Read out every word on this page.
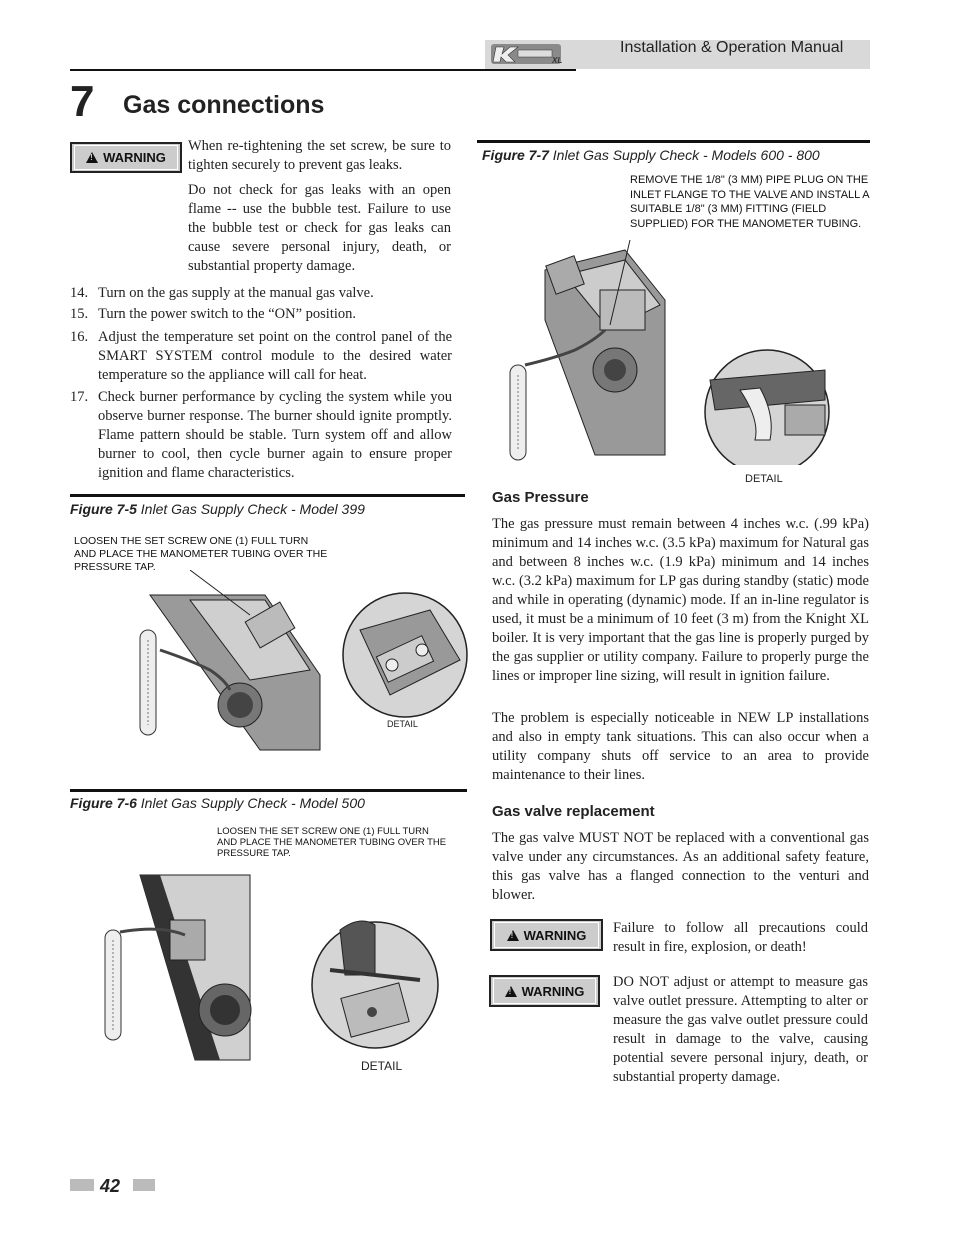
XL
Installation & Operation Manual
7 Gas connections
!
WARNING
When re-tightening the set screw, be sure to tighten securely to prevent gas leaks.
Do not check for gas leaks with an open flame -- use the bubble test. Failure to use the bubble test or check for gas leaks can cause severe personal injury, death, or substantial property damage.
14. Turn on the gas supply at the manual gas valve.
15. Turn the power switch to the “ON” position.
16. Adjust the temperature set point on the control panel of the SMART SYSTEM control module to the desired water temperature so the appliance will call for heat.
17. Check burner performance by cycling the system while you observe burner response. The burner should ignite promptly. Flame pattern should be stable. Turn system off and allow burner to cool, then cycle burner again to ensure proper ignition and flame characteristics.
Figure 7-5 Inlet Gas Supply Check - Model 399
LOOSEN THE SET SCREW ONE (1) FULL TURN AND PLACE THE MANOMETER TUBING OVER THE PRESSURE TAP.
DETAIL
Figure 7-6 Inlet Gas Supply Check - Model 500
LOOSEN THE SET SCREW ONE (1) FULL TURN AND PLACE THE MANOMETER TUBING OVER THE PRESSURE TAP.
DETAIL
Figure 7-7 Inlet Gas Supply Check - Models 600 - 800
REMOVE THE 1/8" (3 MM) PIPE PLUG ON THE INLET FLANGE TO THE VALVE AND INSTALL A SUITABLE 1/8" (3 MM) FITTING (FIELD SUPPLIED) FOR THE MANOMETER TUBING.
DETAIL
Gas Pressure
The gas pressure must remain between 4 inches w.c. (.99 kPa) minimum and 14 inches w.c. (3.5 kPa) maximum for Natural gas and between 8 inches w.c. (1.9 kPa) minimum and 14 inches w.c. (3.2 kPa) maximum for LP gas during standby (static) mode and while in operating (dynamic) mode. If an in-line regulator is used, it must be a minimum of 10 feet (3 m) from the Knight XL boiler. It is very important that the gas line is properly purged by the gas supplier or utility company. Failure to properly purge the lines or improper line sizing, will result in ignition failure.
The problem is especially noticeable in NEW LP installations and also in empty tank situations. This can also occur when a utility company shuts off service to an area to provide maintenance to their lines.
Gas valve replacement
The gas valve MUST NOT be replaced with a conventional gas valve under any circumstances. As an additional safety feature, this gas valve has a flanged connection to the venturi and blower.
!
WARNING Failure to follow all precautions could result in fire, explosion, or death!
!
WARNING
DO NOT adjust or attempt to measure gas valve outlet pressure. Attempting to alter or measure the gas valve outlet pressure could result in damage to the valve, causing potential severe personal injury, death, or substantial property damage.
42
